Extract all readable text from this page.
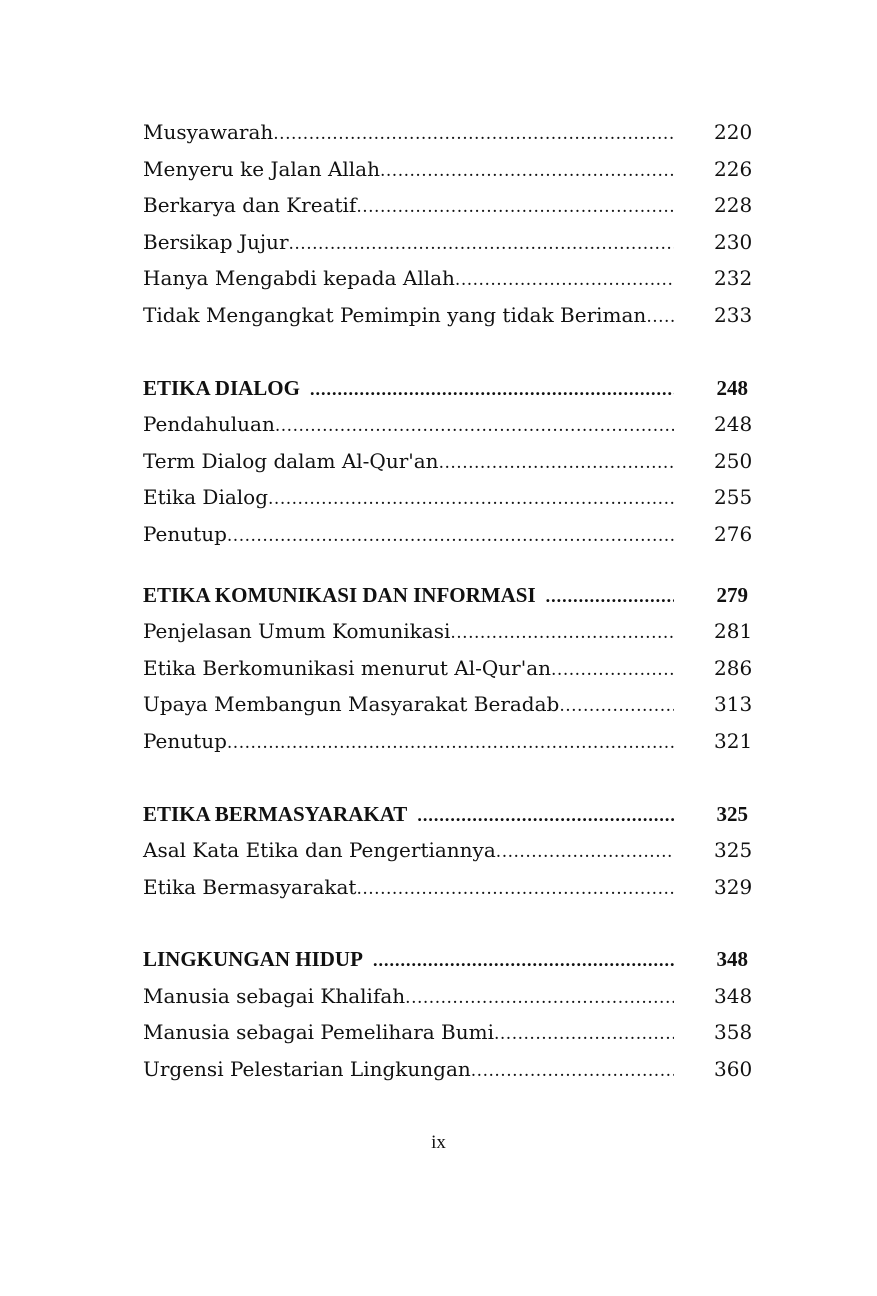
Musyawarah .....	220
Menyeru ke Jalan Allah .....	226
Berkarya dan Kreatif .....	228
Bersikap Jujur .....	230
Hanya Mengabdi kepada Allah .....	232
Tidak Mengangkat Pemimpin yang tidak Beriman .....	233
ETIKA DIALOG .....	248
Pendahuluan .....	248
Term Dialog dalam Al-Qur'an .....	250
Etika Dialog .....	255
Penutup .....	276
ETIKA KOMUNIKASI DAN INFORMASI .....	279
Penjelasan Umum Komunikasi .....	281
Etika Berkomunikasi menurut Al-Qur'an .....	286
Upaya Membangun Masyarakat Beradab .....	313
Penutup .....	321
ETIKA BERMASYARAKAT .....	325
Asal Kata Etika dan Pengertiannya .....	325
Etika Bermasyarakat .....	329
LINGKUNGAN HIDUP .....	348
Manusia sebagai Khalifah .....	348
Manusia sebagai Pemelihara Bumi .....	358
Urgensi Pelestarian Lingkungan .....	360
ix
